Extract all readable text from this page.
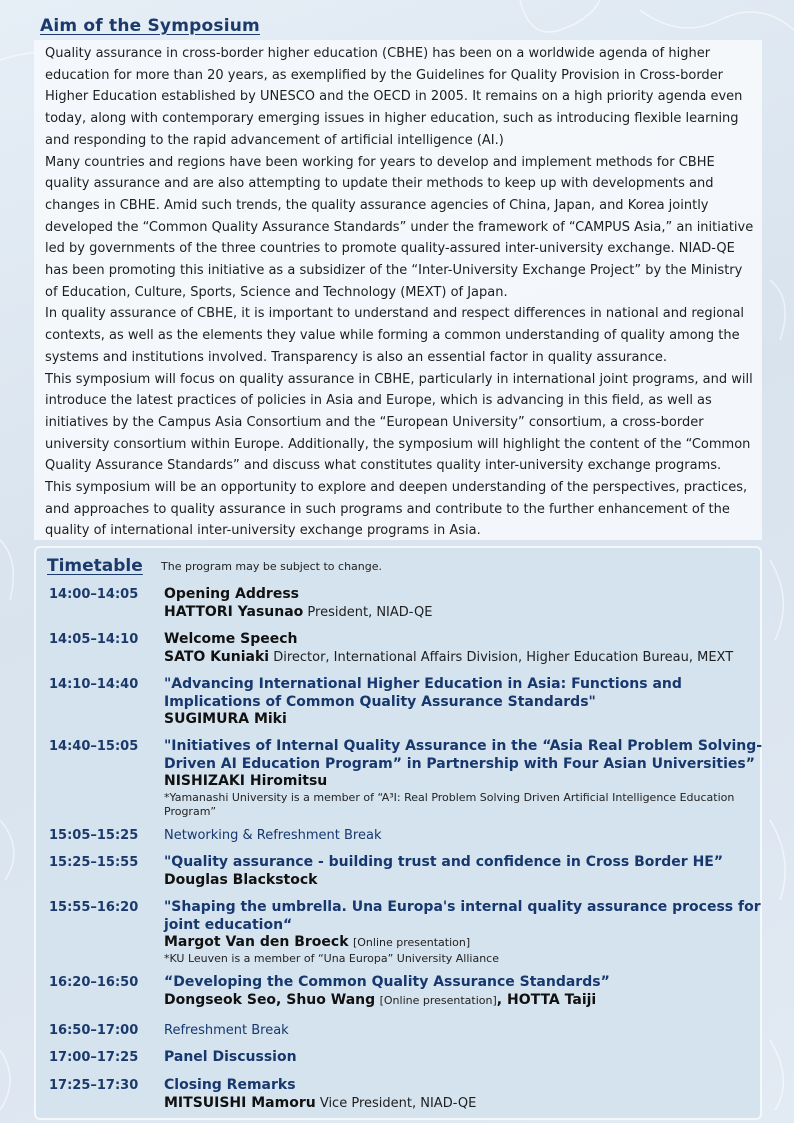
Aim of the Symposium

Quality assurance in cross-border higher education (CBHE) has been on a worldwide agenda of higher education for more than 20 years, as exemplified by the Guidelines for Quality Provision in Cross-border Higher Education established by UNESCO and the OECD in 2005. It remains on a high priority agenda even today, along with contemporary emerging issues in higher education, such as introducing flexible learning and responding to the rapid advancement of artificial intelligence (AI.)

Many countries and regions have been working for years to develop and implement methods for CBHE quality assurance and are also attempting to update their methods to keep up with developments and changes in CBHE. Amid such trends, the quality assurance agencies of China, Japan, and Korea jointly developed the “Common Quality Assurance Standards” under the framework of “CAMPUS Asia,” an initiative led by governments of the three countries to promote quality-assured inter-university exchange. NIAD-QE has been promoting this initiative as a subsidizer of the “Inter-University Exchange Project” by the Ministry of Education, Culture, Sports, Science and Technology (MEXT) of Japan.

In quality assurance of CBHE, it is important to understand and respect differences in national and regional contexts, as well as the elements they value while forming a common understanding of quality among the systems and institutions involved. Transparency is also an essential factor in quality assurance.

This symposium will focus on quality assurance in CBHE, particularly in international joint programs, and will introduce the latest practices of policies in Asia and Europe, which is advancing in this field, as well as initiatives by the Campus Asia Consortium and the “European University” consortium, a cross-border university consortium within Europe. Additionally, the symposium will highlight the content of the “Common Quality Assurance Standards” and discuss what constitutes quality inter-university exchange programs.

This symposium will be an opportunity to explore and deepen understanding of the perspectives, practices, and approaches to quality assurance in such programs and contribute to the further enhancement of the quality of international inter-university exchange programs in Asia.

Timetable The program may be subject to change.
14:00–14:05 Opening Address
HATTORI Yasunao President, NIAD-QE
14:05–14:10 Welcome Speech
SATO Kuniaki Director, International Affairs Division, Higher Education Bureau, MEXT
14:10–14:40 "Advancing International Higher Education in Asia: Functions and Implications of Common Quality Assurance Standards"
SUGIMURA Miki
14:40–15:05 "Initiatives of Internal Quality Assurance in the “Asia Real Problem Solving-Driven AI Education Program” in Partnership with Four Asian Universities”
NISHIZAKI Hiromitsu
*Yamanashi University is a member of “A³I: Real Problem Solving Driven Artificial Intelligence Education Program”
15:05–15:25 Networking & Refreshment Break
15:25–15:55 "Quality assurance - building trust and confidence in Cross Border HE”
Douglas Blackstock
15:55–16:20 "Shaping the umbrella. Una Europa's internal quality assurance process for joint education“
Margot Van den Broeck [Online presentation]
*KU Leuven is a member of “Una Europa” University Alliance
16:20–16:50 “Developing the Common Quality Assurance Standards”
Dongseok Seo, Shuo Wang [Online presentation], HOTTA Taiji
16:50–17:00 Refreshment Break
17:00–17:25 Panel Discussion
17:25–17:30 Closing Remarks
MITSUISHI Mamoru Vice President, NIAD-QE
